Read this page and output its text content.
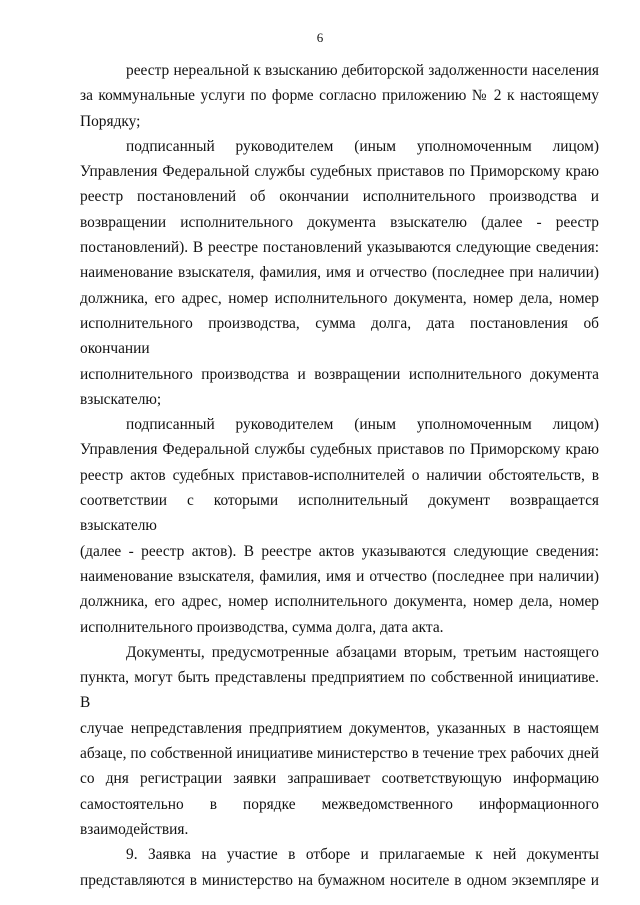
6

реестр нереальной к взысканию дебиторской задолженности населения
за коммунальные услуги по форме согласно приложению № 2 к настоящему
Порядку;

подписанный руководителем (иным уполномоченным лицом)
Управления Федеральной службы судебных приставов по Приморскому краю
реестр постановлений об окончании исполнительного производства и
возвращении исполнительного документа взыскателю (далее - реестр
постановлений). В реестре постановлений указываются следующие сведения:
наименование взыскателя, фамилия, имя и отчество (последнее при наличии)
должника, его адрес, номер исполнительного документа, номер дела, номер
исполнительного производства, сумма долга, дата постановления об окончании
исполнительного производства и возвращении исполнительного документа
взыскателю;

подписанный руководителем (иным уполномоченным лицом)
Управления Федеральной службы судебных приставов по Приморскому краю
реестр актов судебных приставов-исполнителей о наличии обстоятельств, в
соответствии с которыми исполнительный документ возвращается взыскателю
(далее - реестр актов). В реестре актов указываются следующие сведения:
наименование взыскателя, фамилия, имя и отчество (последнее при наличии)
должника, его адрес, номер исполнительного документа, номер дела, номер
исполнительного производства, сумма долга, дата акта.

Документы, предусмотренные абзацами вторым, третьим настоящего
пункта, могут быть представлены предприятием по собственной инициативе. В
случае непредставления предприятием документов, указанных в настоящем
абзаце, по собственной инициативе министерство в течение трех рабочих дней
со дня регистрации заявки запрашивает соответствующую информацию
самостоятельно в порядке межведомственного информационного
взаимодействия.

9. Заявка на участие в отборе и прилагаемые к ней документы
представляются в министерство на бумажном носителе в одном экземпляре и
